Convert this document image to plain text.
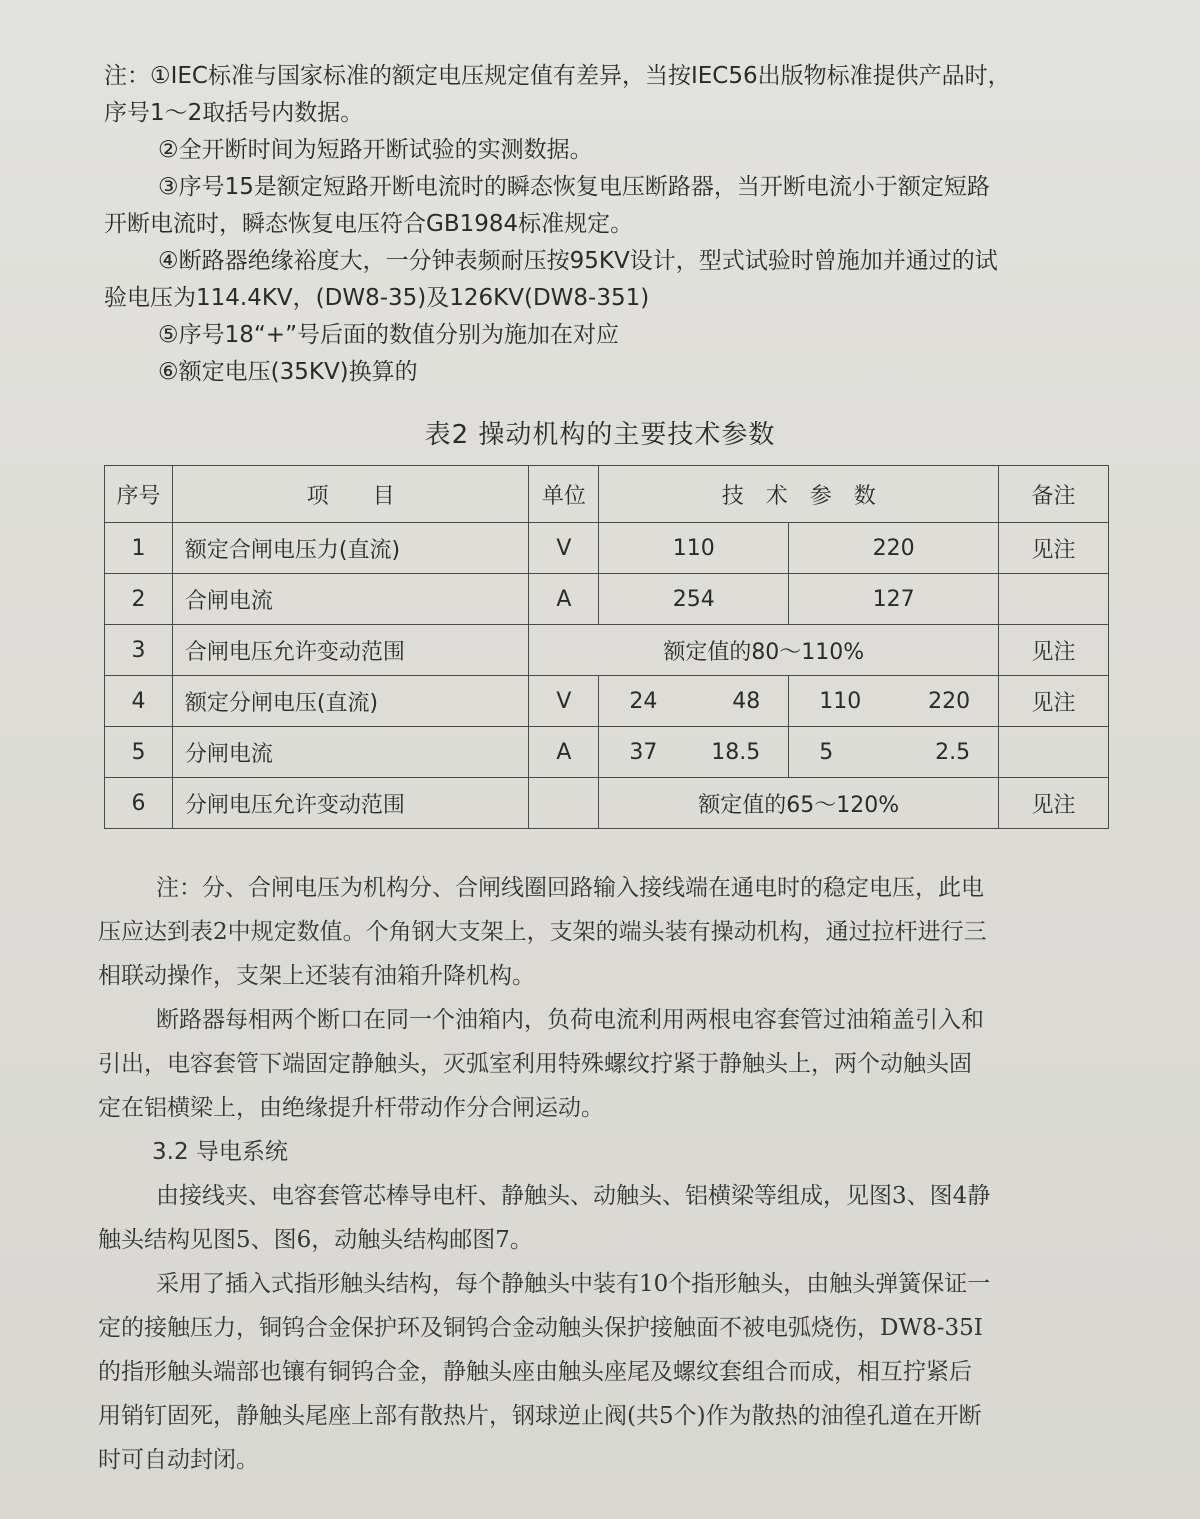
注：①IEC标准与国家标准的额定电压规定值有差异，当按IEC56出版物标准提供产品时，
序号1～2取括号内数据。
②全开断时间为短路开断试验的实测数据。
③序号15是额定短路开断电流时的瞬态恢复电压断路器，当开断电流小于额定短路
开断电流时，瞬态恢复电压符合GB1984标准规定。
④断路器绝缘裕度大，一分钟表频耐压按95KV设计，型式试验时曾施加并通过的试
验电压为114.4KV，(DW8-35)及126KV(DW8-351)
⑤序号18“+”号后面的数值分别为施加在对应
⑥额定电压(35KV)换算的
表2 操动机构的主要技术参数
序号	项　　目	单位	技　术　参　数		备注
1	额定合闸电压力(直流)	V	110	220	见注
2	合闸电流	A	254	127	
3	合闸电压允许变动范围	额定值的80～110%			见注
4	额定分闸电压(直流)	V	24 48	110 220	见注
5	分闸电流	A	37 18.5	5 2.5	

6	分闸电压允许变动范围		额定值的65～120%		见注
注：分、合闸电压为机构分、合闸线圈回路输入接线端在通电时的稳定电压，此电
压应达到表2中规定数值。个角钢大支架上，支架的端头装有操动机构，通过拉杆进行三
相联动操作，支架上还装有油箱升降机构。
断路器每相两个断口在同一个油箱内，负荷电流利用两根电容套管过油箱盖引入和
引出，电容套管下端固定静触头，灭弧室利用特殊螺纹拧紧于静触头上，两个动触头固
定在铝横梁上，由绝缘提升杆带动作分合闸运动。
3.2 导电系统
由接线夹、电容套管芯棒导电杆、静触头、动触头、铝横梁等组成，见图3、图4静
触头结构见图5、图6，动触头结构邮图7。
采用了插入式指形触头结构，每个静触头中装有10个指形触头，由触头弹簧保证一
定的接触压力，铜钨合金保护环及铜钨合金动触头保护接触面不被电弧烧伤，DW8-35I
的指形触头端部也镶有铜钨合金，静触头座由触头座尾及螺纹套组合而成，相互拧紧后
用销钉固死，静触头尾座上部有散热片，钢球逆止阀(共5个)作为散热的油徨孔道在开断
时可自动封闭。
